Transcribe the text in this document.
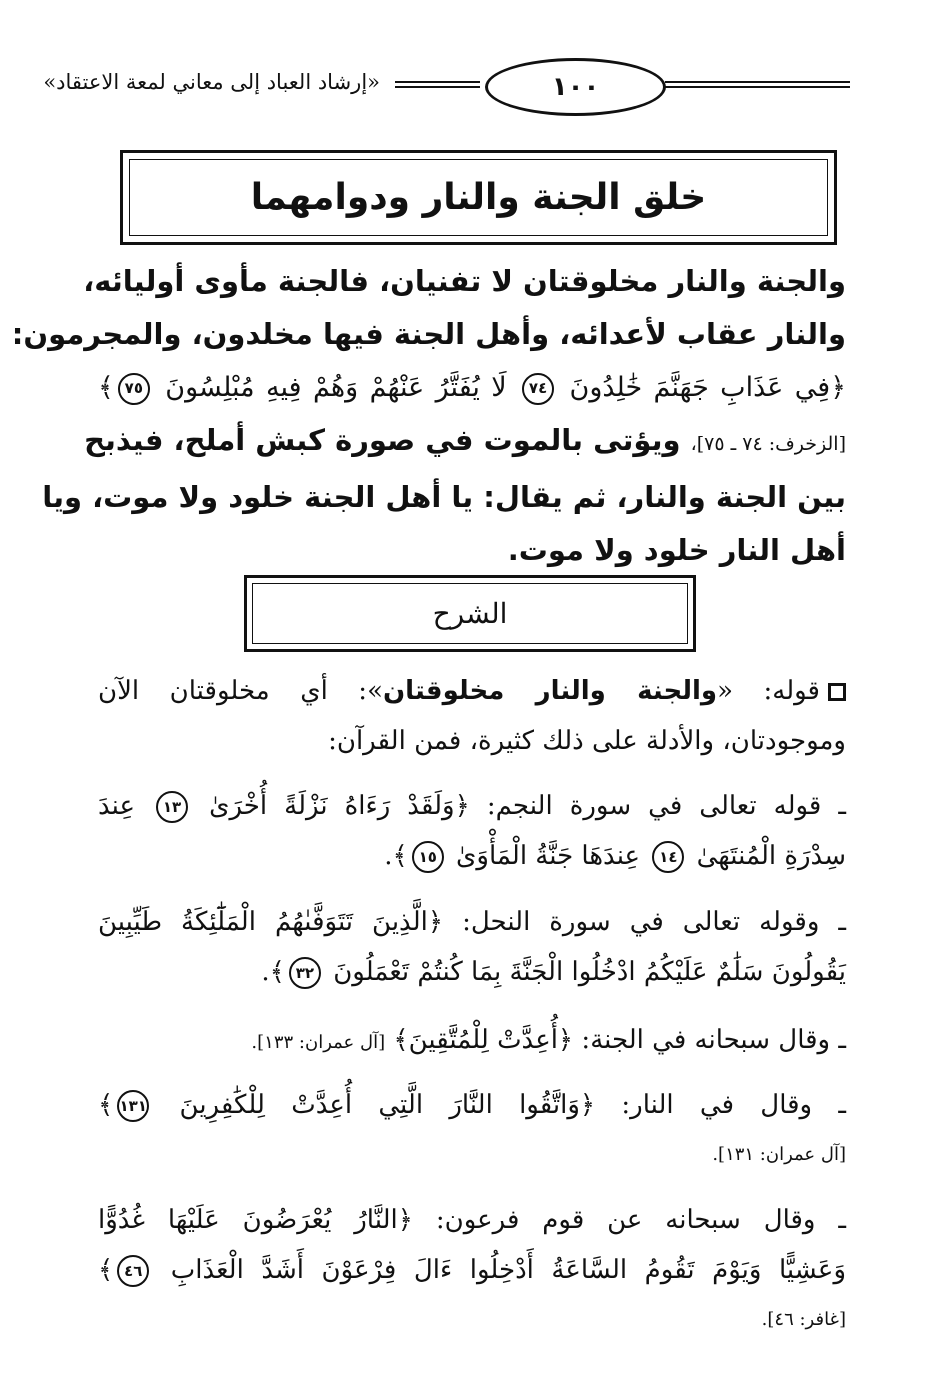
«إرشاد العباد إلى معاني لمعة الاعتقاد»	١٠٠
خلق الجنة والنار ودوامهما
والجنة والنار مخلوقتان لا تفنيان، فالجنة مأوى أوليائه،
والنار عقاب لأعدائه، وأهل الجنة فيها مخلدون، والمجرمون:
﴿فِي عَذَابِ جَهَنَّمَ خَٰلِدُونَ ٧٤ لَا يُفَتَّرُ عَنْهُمْ وَهُمْ فِيهِ مُبْلِسُونَ ٧٥﴾
[الزخرف: ٧٤ ـ ٧٥]، ويؤتى بالموت في صورة كبش أملح، فيذبح
بين الجنة والنار، ثم يقال: يا أهل الجنة خلود ولا موت، ويا
أهل النار خلود ولا موت.
الشرح
قوله: «والجنة والنار مخلوقتان»: أي مخلوقتان الآن
وموجودتان، والأدلة على ذلك كثيرة، فمن القرآن:
ـ قوله تعالى في سورة النجم: ﴿وَلَقَدْ رَءَاهُ نَزْلَةً أُخْرَىٰ ١٣ عِندَ
سِدْرَةِ الْمُنتَهَىٰ ١٤ عِندَهَا جَنَّةُ الْمَأْوَىٰ ١٥﴾.
ـ وقوله تعالى في سورة النحل: ﴿الَّذِينَ تَتَوَفَّىٰهُمُ الْمَلَٰٓئِكَةُ طَيِّبِينَ
يَقُولُونَ سَلَٰمٌ عَلَيْكُمُ ادْخُلُوا الْجَنَّةَ بِمَا كُنتُمْ تَعْمَلُونَ ٣٢﴾.
ـ وقال سبحانه في الجنة: ﴿أُعِدَّتْ لِلْمُتَّقِينَ﴾ [آل عمران: ١٣٣].
ـ وقال في النار: ﴿وَاتَّقُوا النَّارَ الَّتِي أُعِدَّتْ لِلْكَٰفِرِينَ ١٣١﴾
[آل عمران: ١٣١].
ـ وقال سبحانه عن قوم فرعون: ﴿النَّارُ يُعْرَضُونَ عَلَيْهَا غُدُوًّا
وَعَشِيًّا وَيَوْمَ تَقُومُ السَّاعَةُ أَدْخِلُوا ءَالَ فِرْعَوْنَ أَشَدَّ الْعَذَابِ ٤٦﴾
[غافر: ٤٦].
